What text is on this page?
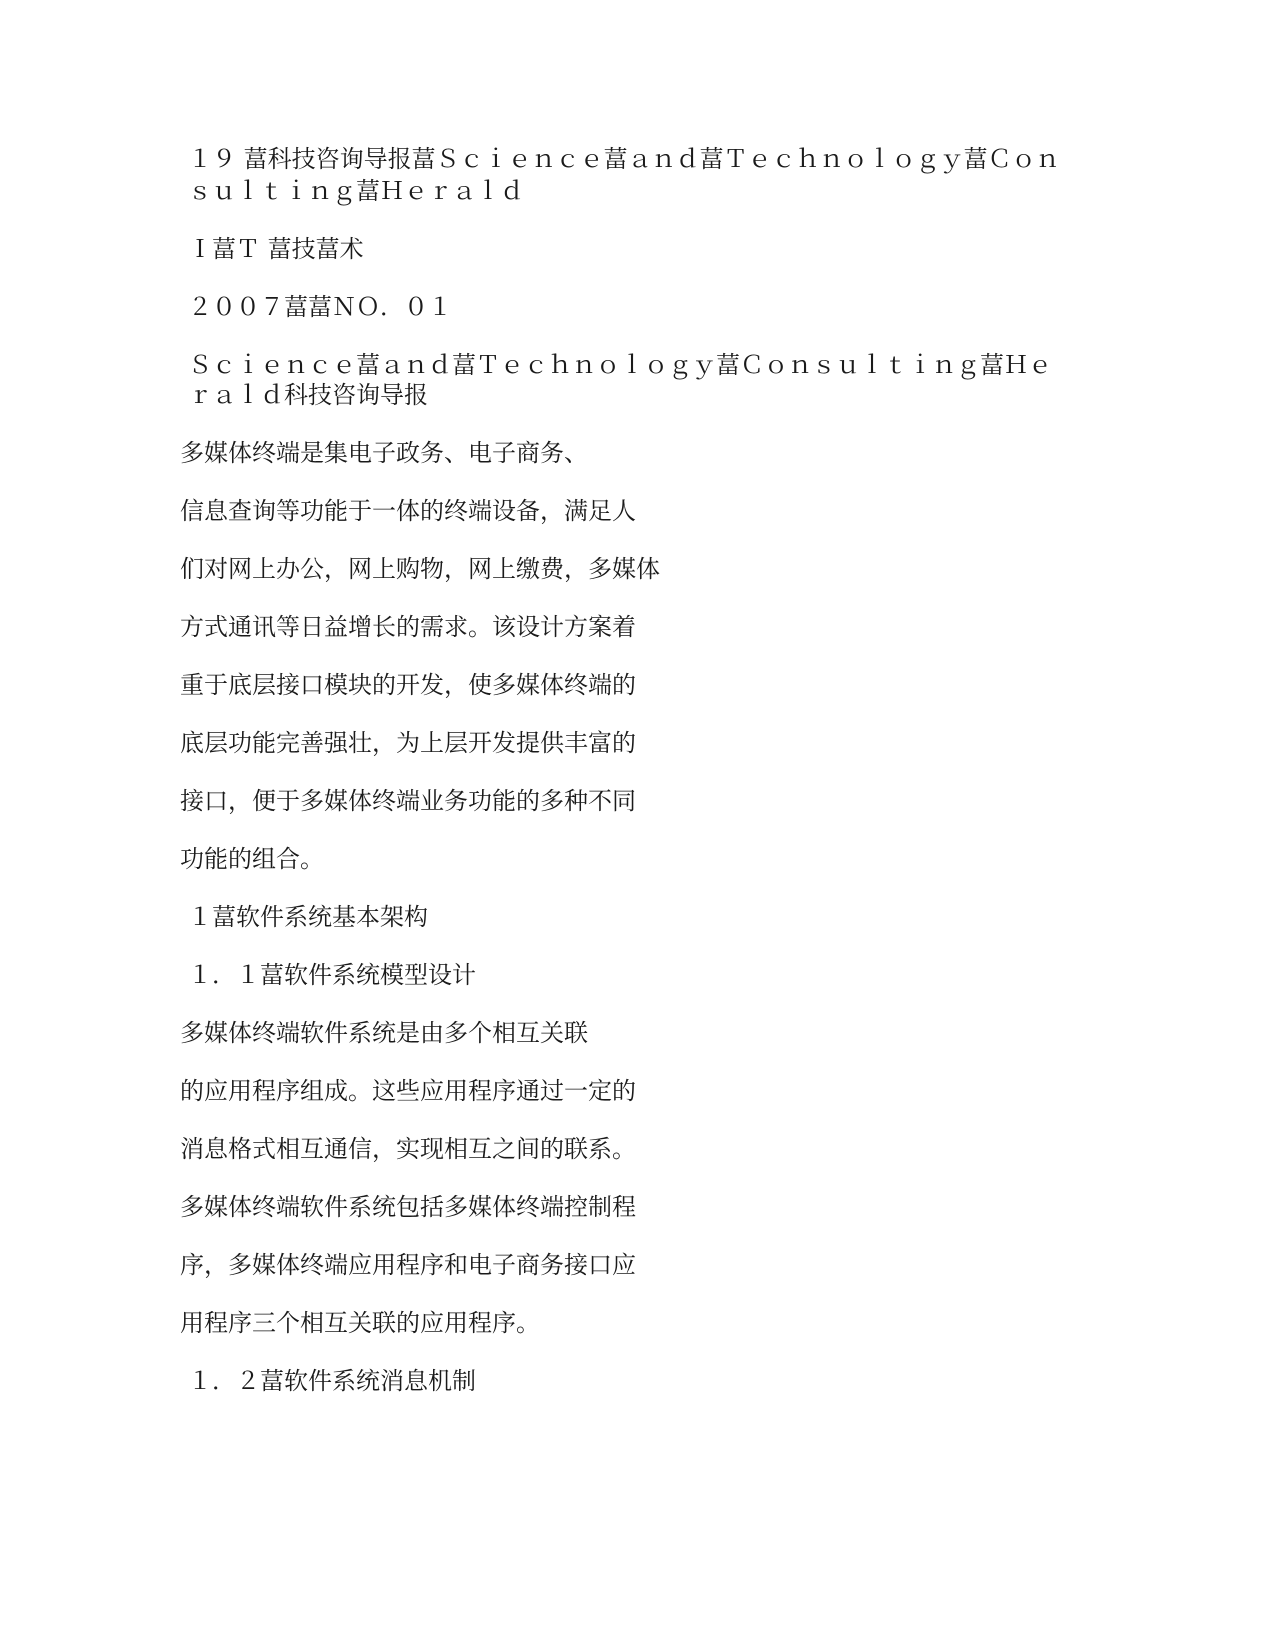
１９ 葍科技咨询导报葍Ｓｃｉｅｎｃｅ葍ａｎｄ葍Ｔｅｃｈｎｏｌｏｇｙ葍Ｃｏｎ
ｓｕｌｔｉｎｇ葍Ｈｅｒａｌｄ
Ｉ葍Ｔ 葍技葍术
２００７葍葍ＮＯ．０１
Ｓｃｉｅｎｃｅ葍ａｎｄ葍Ｔｅｃｈｎｏｌｏｇｙ葍Ｃｏｎｓｕｌｔｉｎｇ葍Ｈｅ
ｒａｌｄ科技咨询导报
多媒体终端是集电子政务、电子商务、
信息查询等功能于一体的终端设备，满足人
们对网上办公，网上购物，网上缴费，多媒体
方式通讯等日益增长的需求。该设计方案着
重于底层接口模块的开发，使多媒体终端的
底层功能完善强壮，为上层开发提供丰富的
接口，便于多媒体终端业务功能的多种不同
功能的组合。
１葍软件系统基本架构
１．１葍软件系统模型设计
多媒体终端软件系统是由多个相互关联
的应用程序组成。这些应用程序通过一定的
消息格式相互通信，实现相互之间的联系。
多媒体终端软件系统包括多媒体终端控制程
序，多媒体终端应用程序和电子商务接口应
用程序三个相互关联的应用程序。
１．２葍软件系统消息机制
